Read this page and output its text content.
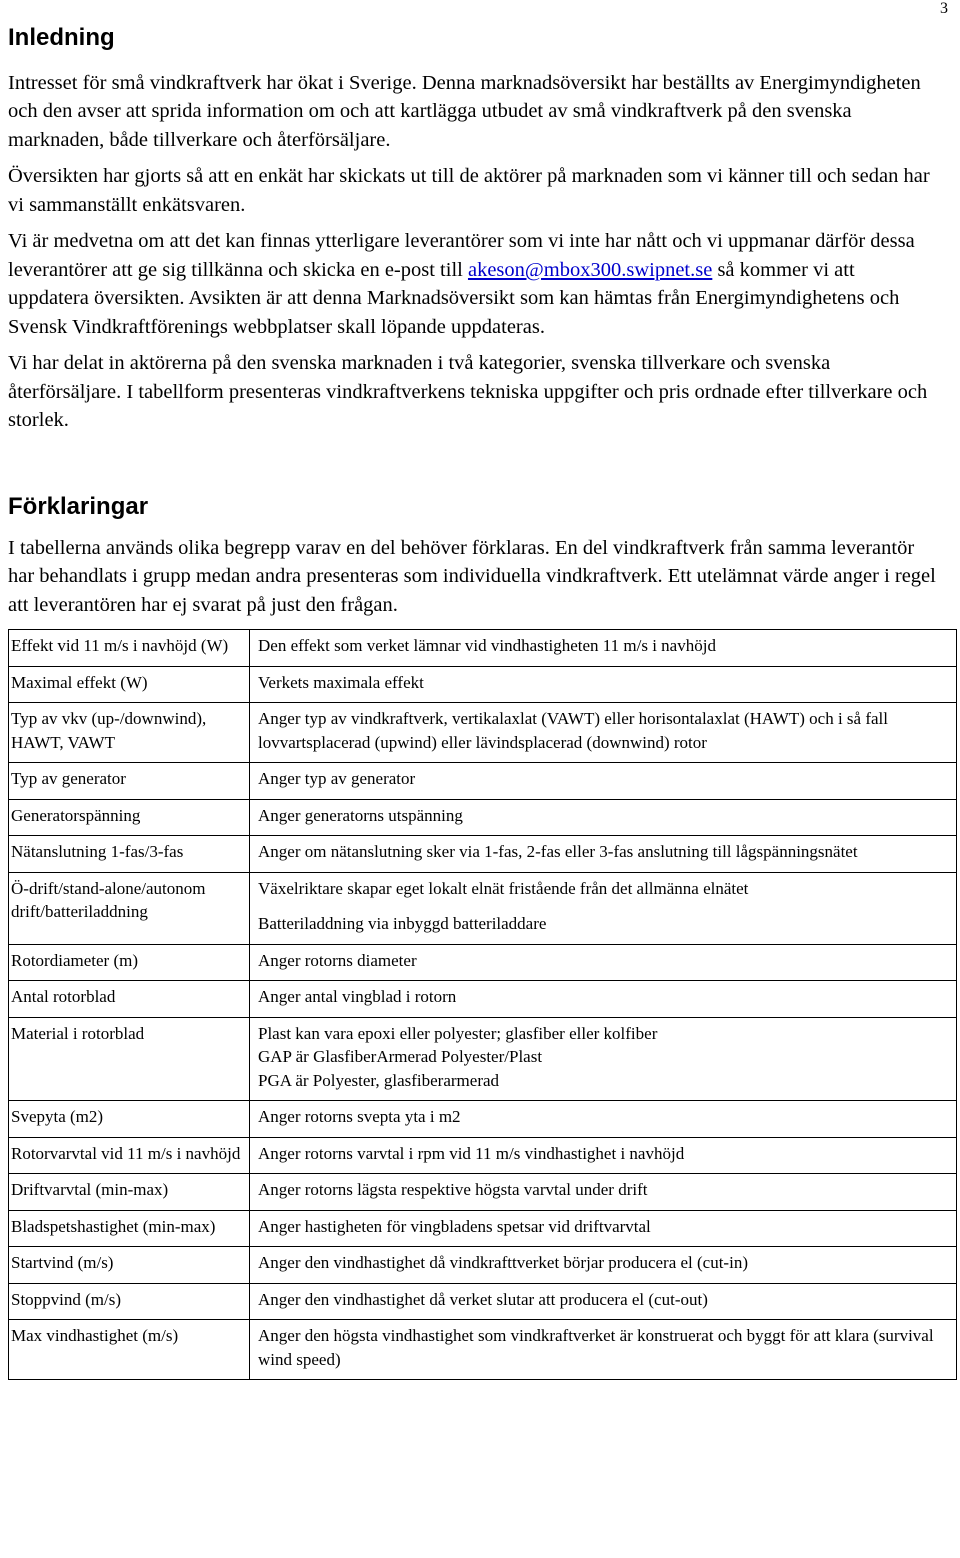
3
Inledning

Intresset för små vindkraftverk har ökat i Sverige. Denna marknadsöversikt har beställts av Energimyndigheten och den avser att sprida information om och att kartlägga utbudet av små vindkraftverk på den svenska marknaden, både tillverkare och återförsäljare.

Översikten har gjorts så att en enkät har skickats ut till de aktörer på marknaden som vi känner till och sedan har vi sammanställt enkätsvaren.

Vi är medvetna om att det kan finnas ytterligare leverantörer som vi inte har nått och vi uppmanar därför dessa leverantörer att ge sig tillkänna och skicka en e-post till akeson@mbox300.swipnet.se så kommer vi att uppdatera översikten. Avsikten är att denna Marknadsöversikt som kan hämtas från Energimyndighetens och Svensk Vindkraftförenings webbplatser skall löpande uppdateras.

Vi har delat in aktörerna på den svenska marknaden i två kategorier, svenska tillverkare och svenska återförsäljare. I tabellform presenteras vindkraftverkens tekniska uppgifter och pris ordnade efter tillverkare och storlek.

Förklaringar

I tabellerna används olika begrepp varav en del behöver förklaras. En del vindkraftverk från samma leverantör har behandlats i grupp medan andra presenteras som individuella vindkraftverk. Ett utelämnat värde anger i regel att leverantören har ej svarat på just den frågan.

Effekt vid 11 m/s i navhöjd (W)	Den effekt som verket lämnar vid vindhastigheten 11 m/s i navhöjd

Maximal effekt (W)	Verkets maximala effekt

Typ av vkv (up-/downwind), HAWT, VAWT	Anger typ av vindkraftverk, vertikalaxlat (VAWT) eller horisontalaxlat (HAWT) och i så fall lovvartsplacerad (upwind) eller lävindsplacerad (downwind) rotor

Typ av generator	Anger typ av generator

Generatorspänning	Anger generatorns utspänning

Nätanslutning 1-fas/3-fas	Anger om nätanslutning sker via 1-fas, 2-fas eller 3-fas anslutning till lågspänningsnätet

Ö-drift/stand-alone/autonom drift/batteriladdning	Växelriktare skapar eget lokalt elnät fristående från det allmänna elnätet
Batteriladdning via inbyggd batteriladdare

Rotordiameter (m)	Anger rotorns diameter

Antal rotorblad	Anger antal vingblad i rotorn

Material i rotorblad	Plast kan vara epoxi eller polyester; glasfiber eller kolfiber
GAP är GlasfiberArmerad Polyester/Plast
PGA är Polyester, glasfiberarmerad

Svepyta (m2)	Anger rotorns svepta yta i m2

Rotorvarvtal vid 11 m/s i navhöjd	Anger rotorns varvtal i rpm vid 11 m/s vindhastighet i navhöjd

Driftvarvtal (min-max)	Anger rotorns lägsta respektive högsta varvtal under drift

Bladspetshastighet (min-max)	Anger hastigheten för vingbladens spetsar vid driftvarvtal

Startvind (m/s)	Anger den vindhastighet då vindkrafttverket börjar producera el (cut-in)

Stoppvind (m/s)	Anger den vindhastighet då verket slutar att producera el (cut-out)

Max vindhastighet (m/s)	Anger den högsta vindhastighet som vindkraftverket är konstruerat och byggt för att klara (survival wind speed)
